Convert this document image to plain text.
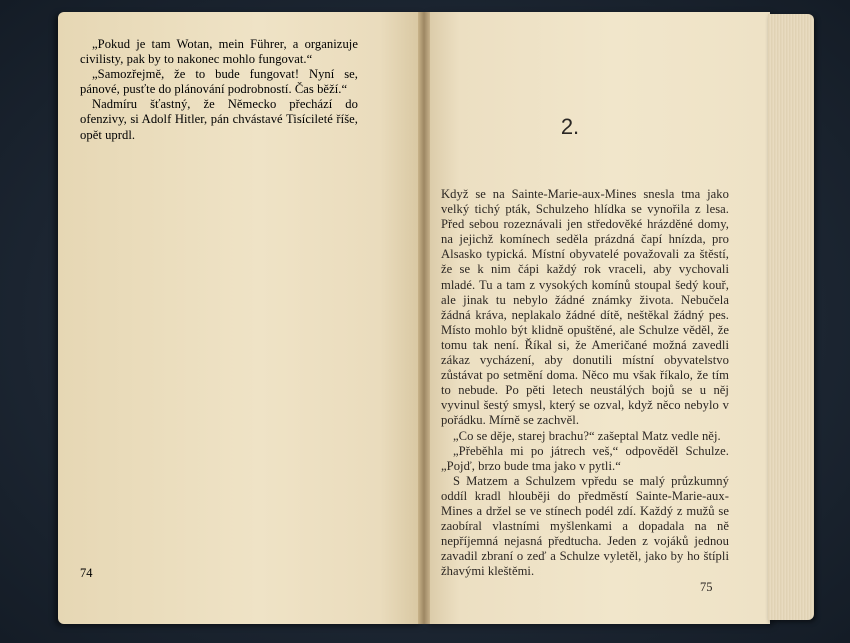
2.

Když se na Sainte-Marie-aux-Mines snesla tma jako velký tichý pták, Schulzeho hlídka se vynořila z lesa. Před sebou rozeznávali jen středověké hrázděné domy, na jejichž komínech seděla prázdná čapí hnízda, pro Alsasko typická. Místní obyvatelé považovali za štěstí, že se k nim čápi každý rok vraceli, aby vychovali mladé. Tu a tam z vysokých komínů stoupal šedý kouř, ale jinak tu nebylo žádné známky života. Nebučela žádná kráva, neplakalo žádné dítě, neštěkal žádný pes. Místo mohlo být klidně opuštěné, ale Schulze věděl, že tomu tak není. Říkal si, že Američané možná zavedli zákaz vycházení, aby donutili místní obyvatelstvo zůstávat po setmění doma. Něco mu však říkalo, že tím to nebude. Po pěti letech neustálých bojů se u něj vyvinul šestý smysl, který se ozval, když něco nebylo v pořádku. Mírně se zachvěl.

„Co se děje, starej brachu?“ zašeptal Matz vedle něj.

„Přeběhla mi po játrech veš,“ odpověděl Schulze. „Pojď, brzo bude tma jako v pytli.“

S Matzem a Schulzem vpředu se malý průzkumný oddíl kradl hlouběji do předměstí Sainte-Marie-aux-Mines a držel se ve stínech podél zdí. Každý z mužů se zaobíral vlastními myšlenkami a dopadala na ně nepříjemná nejasná předtucha. Jeden z vojáků jednou zavadil zbraní o zeď a Schulze vyletěl, jako by ho štípli žhavými kleštěmi.

75

„Pokud je tam Wotan, mein Führer, a organizuje civilisty, pak by to nakonec mohlo fungovat.“

„Samozřejmě, že to bude fungovat! Nyní se, pánové, pusťte do plánování podrobností. Čas běží.“

Nadmíru šťastný, že Německo přechází do ofenzivy, si Adolf Hitler, pán chvástavé Tisícileté říše, opět uprdl.

74
